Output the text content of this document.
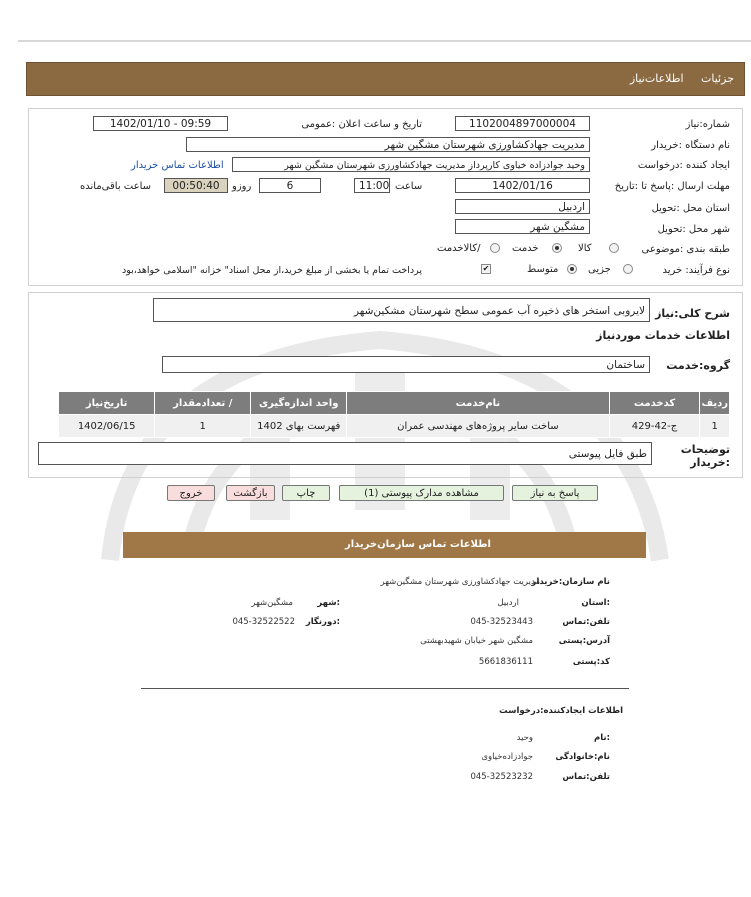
جزئیات اطلاعات‌نیاز
شماره:نیاز
1102004897000004
تاریخ و ساعت اعلان :عمومی
1402/01/10 - 09:59
نام دستگاه :خریدار
مدیریت جهادکشاورزی شهرستان مشگین شهر
ایجاد کننده :درخواست
وحید جوادزاده خیاوی کارپرداز مدیریت جهادکشاورزی شهرستان مشگین شهر
اطلاعات تماس خریدار
مهلت ارسال :پاسخ تا :تاریخ
1402/01/16
ساعت
11:00
6
روزو
00:50:40
ساعت باقی‌مانده
استان محل :تحویل
اردبیل
شهر محل :تحویل
مشگین شهر
طبقه بندی :موضوعی
کالا
خدمت
/کالاخدمت
نوع فرآیند: خرید
جزیی
متوسط
✔
پرداخت تمام یا بخشی از مبلغ خرید،از محل اسناد" خزانه "اسلامی خواهد،بود
شرح کلی:نیاز
لایروبی استخر های ذخیره آب عمومی سطح شهرستان مشکین‌شهر
اطلاعات خدمات موردنیاز
گروه:خدمت
ساختمان
ردیف	کدخدمت	نام‌خدمت	واحد اندازه‌گیری	/ تعدادمقدار	تاریخ‌نیاز
1	ج-42-429	ساخت سایر پروژه‌های مهندسی عمران	فهرست بهای 1402	1	1402/06/15
توضیحات :خریدار
طبق فایل پیوستی
پاسخ به نیاز
مشاهده مدارک پیوستی (1)
چاپ
بازگشت
خروج
اطلاعات تماس سازمان‌خریدار
نام سازمان:خریدار
مدیریت جهادکشاورزی شهرستان مشگین‌شهر
:استان
اردبیل
:شهر
مشگین‌شهر
تلفن:تماس
045-32523443
:دورنگار
045-32522522
آدرس:پستی
مشگین شهر خیابان شهیدبهشتی
کد:پستی
5661836111
اطلاعات ایجادکننده:درخواست
:نام
وحید
نام:خانوادگی
جوادزاده‌خیاوی
تلفن:تماس
045-32523232
